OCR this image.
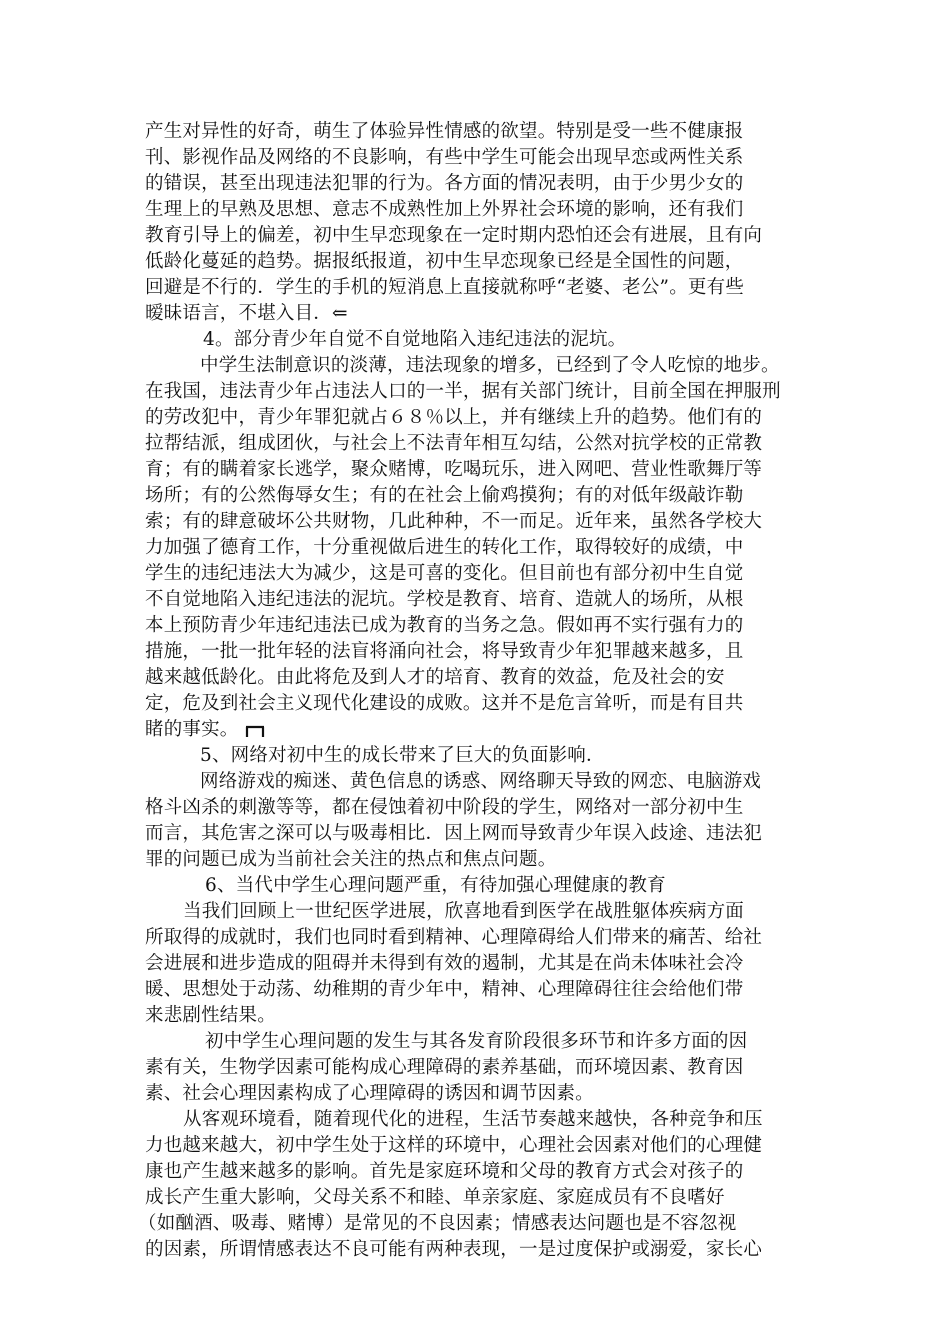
产生对异性的好奇，萌生了体验异性情感的欲望。特别是受一些不健康报
刊、影视作品及网络的不良影响，有些中学生可能会出现早恋或两性关系
的错误，甚至出现违法犯罪的行为。各方面的情况表明，由于少男少女的
生理上的早熟及思想、意志不成熟性加上外界社会环境的影响，还有我们
教育引导上的偏差，初中生早恋现象在一定时期内恐怕还会有进展，且有向
低龄化蔓延的趋势。据报纸报道，初中生早恋现象已经是全国性的问题，
回避是不行的．学生的手机的短消息上直接就称呼“老婆、老公”。更有些
暧昧语言，不堪入目．⇐
4。部分青少年自觉不自觉地陷入违纪违法的泥坑。
中学生法制意识的淡薄，违法现象的增多，已经到了令人吃惊的地步。
在我国，违法青少年占违法人口的一半，据有关部门统计，目前全国在押服刑
的劳改犯中，青少年罪犯就占６８％以上，并有继续上升的趋势。他们有的
拉帮结派，组成团伙，与社会上不法青年相互勾结，公然对抗学校的正常教
育；有的瞒着家长逃学，聚众赌博，吃喝玩乐，进入网吧、营业性歌舞厅等
场所；有的公然侮辱女生；有的在社会上偷鸡摸狗；有的对低年级敲诈勒
索；有的肆意破坏公共财物，几此种种，不一而足。近年来，虽然各学校大
力加强了德育工作，十分重视做后进生的转化工作，取得较好的成绩，中
学生的违纪违法大为减少，这是可喜的变化。但目前也有部分初中生自觉
不自觉地陷入违纪违法的泥坑。学校是教育、培育、造就人的场所，从根
本上预防青少年违纪违法已成为教育的当务之急。假如再不实行强有力的
措施，一批一批年轻的法盲将涌向社会，将导致青少年犯罪越来越多，且
越来越低龄化。由此将危及到人才的培育、教育的效益，危及社会的安
定，危及到社会主义现代化建设的成败。这并不是危言耸听，而是有目共
睹的事实。
5、网络对初中生的成长带来了巨大的负面影响．
网络游戏的痴迷、黄色信息的诱惑、网络聊天导致的网恋、电脑游戏
格斗凶杀的刺激等等，都在侵蚀着初中阶段的学生，网络对一部分初中生
而言，其危害之深可以与吸毒相比．因上网而导致青少年误入歧途、违法犯
罪的问题已成为当前社会关注的热点和焦点问题。
6、当代中学生心理问题严重，有待加强心理健康的教育
当我们回顾上一世纪医学进展，欣喜地看到医学在战胜躯体疾病方面
所取得的成就时，我们也同时看到精神、心理障碍给人们带来的痛苦、给社
会进展和进步造成的阻碍并未得到有效的遏制，尤其是在尚未体味社会冷
暖、思想处于动荡、幼稚期的青少年中，精神、心理障碍往往会给他们带
来悲剧性结果。
初中学生心理问题的发生与其各发育阶段很多环节和许多方面的因
素有关，生物学因素可能构成心理障碍的素养基础，而环境因素、教育因
素、社会心理因素构成了心理障碍的诱因和调节因素。
从客观环境看，随着现代化的进程，生活节奏越来越快，各种竞争和压
力也越来越大，初中学生处于这样的环境中，心理社会因素对他们的心理健
康也产生越来越多的影响。首先是家庭环境和父母的教育方式会对孩子的
成长产生重大影响，父母关系不和睦、单亲家庭、家庭成员有不良嗜好
（如酗酒、吸毒、赌博）是常见的不良因素；情感表达问题也是不容忽视
的因素，所谓情感表达不良可能有两种表现，一是过度保护或溺爱，家长心
